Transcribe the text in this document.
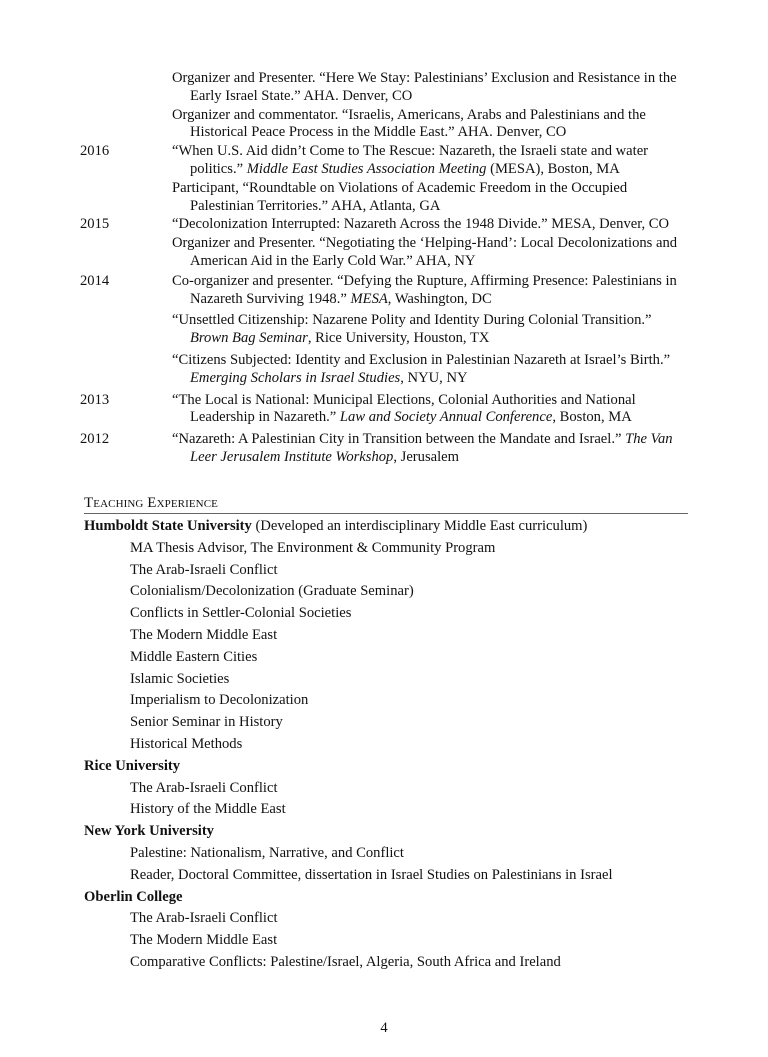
Organizer and Presenter. “Here We Stay: Palestinians’ Exclusion and Resistance in the Early Israel State.” AHA. Denver, CO
Organizer and commentator. “Israelis, Americans, Arabs and Palestinians and the Historical Peace Process in the Middle East.” AHA. Denver, CO
2016	“When U.S. Aid didn’t Come to The Rescue: Nazareth, the Israeli state and water politics.” Middle East Studies Association Meeting (MESA), Boston, MA
Participant, “Roundtable on Violations of Academic Freedom in the Occupied Palestinian Territories.” AHA, Atlanta, GA
2015	“Decolonization Interrupted: Nazareth Across the 1948 Divide.” MESA, Denver, CO
Organizer and Presenter. “Negotiating the ‘Helping-Hand’: Local Decolonizations and American Aid in the Early Cold War.” AHA, NY
2014	Co-organizer and presenter. “Defying the Rupture, Affirming Presence: Palestinians in Nazareth Surviving 1948.” MESA, Washington, DC
“Unsettled Citizenship: Nazarene Polity and Identity During Colonial Transition.” Brown Bag Seminar, Rice University, Houston, TX
“Citizens Subjected: Identity and Exclusion in Palestinian Nazareth at Israel’s Birth.” Emerging Scholars in Israel Studies, NYU, NY
2013	“The Local is National: Municipal Elections, Colonial Authorities and National Leadership in Nazareth.” Law and Society Annual Conference, Boston, MA
2012	“Nazareth: A Palestinian City in Transition between the Mandate and Israel.” The Van Leer Jerusalem Institute Workshop, Jerusalem
Teaching Experience
Humboldt State University (Developed an interdisciplinary Middle East curriculum)
MA Thesis Advisor, The Environment & Community Program
The Arab-Israeli Conflict
Colonialism/Decolonization (Graduate Seminar)
Conflicts in Settler-Colonial Societies
The Modern Middle East
Middle Eastern Cities
Islamic Societies
Imperialism to Decolonization
Senior Seminar in History
Historical Methods
Rice University
The Arab-Israeli Conflict
History of the Middle East
New York University
Palestine: Nationalism, Narrative, and Conflict
Reader, Doctoral Committee, dissertation in Israel Studies on Palestinians in Israel
Oberlin College
The Arab-Israeli Conflict
The Modern Middle East
Comparative Conflicts: Palestine/Israel, Algeria, South Africa and Ireland
4
